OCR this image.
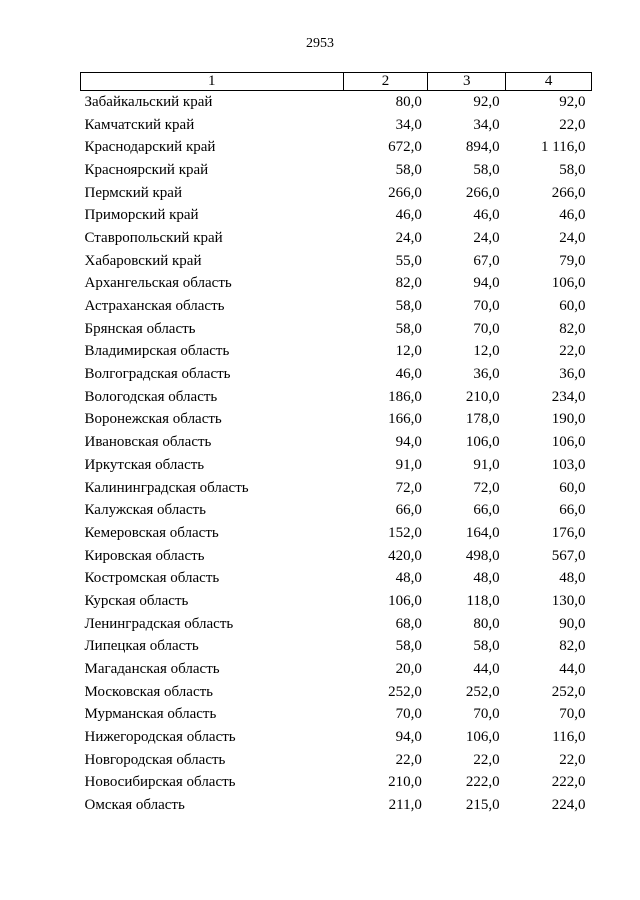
2953
1	2	3	4
Забайкальский край	80,0	92,0	92,0
Камчатский край	34,0	34,0	22,0
Краснодарский край	672,0	894,0	1 116,0
Красноярский край	58,0	58,0	58,0
Пермский край	266,0	266,0	266,0
Приморский край	46,0	46,0	46,0
Ставропольский край	24,0	24,0	24,0
Хабаровский край	55,0	67,0	79,0
Архангельская область	82,0	94,0	106,0
Астраханская область	58,0	70,0	60,0
Брянская область	58,0	70,0	82,0
Владимирская область	12,0	12,0	22,0
Волгоградская область	46,0	36,0	36,0
Вологодская область	186,0	210,0	234,0
Воронежская область	166,0	178,0	190,0
Ивановская область	94,0	106,0	106,0
Иркутская область	91,0	91,0	103,0
Калининградская область	72,0	72,0	60,0
Калужская область	66,0	66,0	66,0
Кемеровская область	152,0	164,0	176,0
Кировская область	420,0	498,0	567,0
Костромская область	48,0	48,0	48,0
Курская область	106,0	118,0	130,0
Ленинградская область	68,0	80,0	90,0
Липецкая область	58,0	58,0	82,0
Магаданская область	20,0	44,0	44,0
Московская область	252,0	252,0	252,0
Мурманская область	70,0	70,0	70,0
Нижегородская область	94,0	106,0	116,0
Новгородская область	22,0	22,0	22,0
Новосибирская область	210,0	222,0	222,0
Омская область	211,0	215,0	224,0
